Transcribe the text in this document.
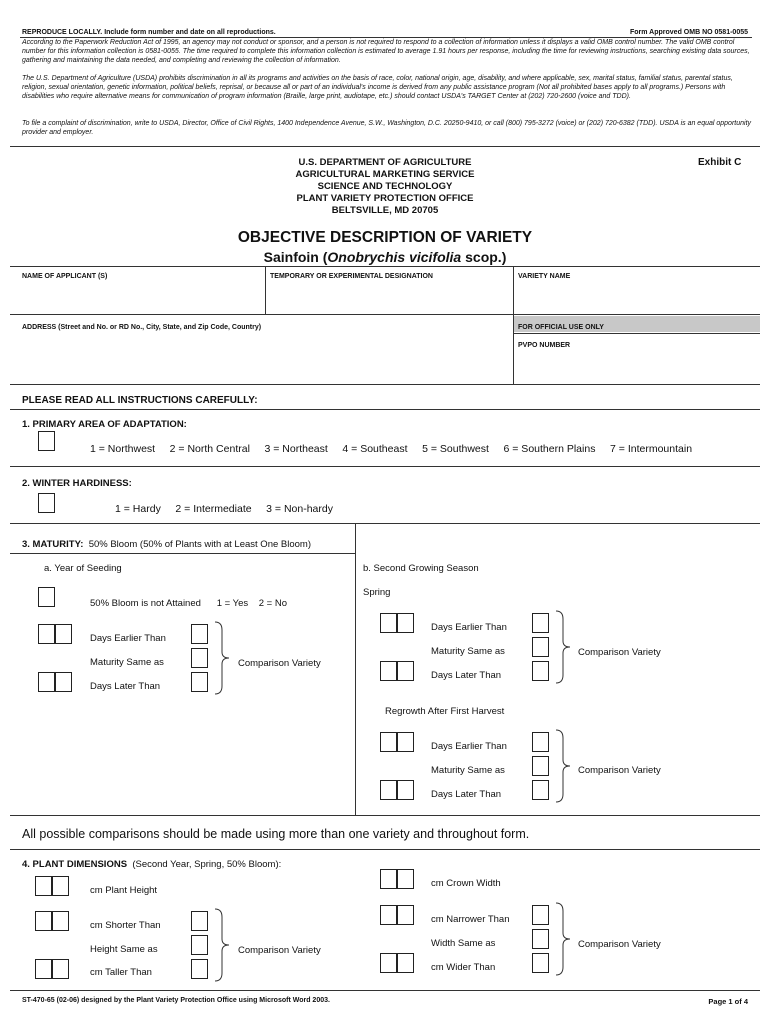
REPRODUCE LOCALLY. Include form number and date on all reproductions.	Form Approved OMB NO 0581-0055
According to the Paperwork Reduction Act of 1995, an agency may not conduct or sponsor, and a person is not required to respond to a collection of information unless it displays a valid OMB control number. The valid OMB control number for this information collection is 0581-0055. The time required to complete this information collection is estimated to average 1.91 hours per response, including the time for reviewing instructions, searching existing data sources, gathering and maintaining the data needed, and completing and reviewing the collection of information.
The U.S. Department of Agriculture (USDA) prohibits discrimination in all its programs and activities on the basis of race, color, national origin, age, disability, and where applicable, sex, marital status, familial status, parental status, religion, sexual orientation, genetic information, political beliefs, reprisal, or because all or part of an individual's income is derived from any public assistance program (Not all prohibited bases apply to all programs.) Persons with disabilities who require alternative means for communication of program information (Braille, large print, audiotape, etc.) should contact USDA's TARGET Center at (202) 720-2600 (voice and TDD).
To file a complaint of discrimination, write to USDA, Director, Office of Civil Rights, 1400 Independence Avenue, S.W., Washington, D.C. 20250-9410, or call (800) 795-3272 (voice) or (202) 720-6382 (TDD). USDA is an equal opportunity provider and employer.
U.S. DEPARTMENT OF AGRICULTURE
AGRICULTURAL MARKETING SERVICE
SCIENCE AND TECHNOLOGY
PLANT VARIETY PROTECTION OFFICE
BELTSVILLE, MD 20705
Exhibit C
OBJECTIVE DESCRIPTION OF VARIETY
Sainfoin (Onobrychis vicifolia scop.)
NAME OF APPLICANT (S)	TEMPORARY OR EXPERIMENTAL DESIGNATION	VARIETY NAME
ADDRESS (Street and No. or RD No., City, State, and Zip Code, Country)	FOR OFFICIAL USE ONLY
PVPO NUMBER
PLEASE READ ALL INSTRUCTIONS CAREFULLY:
1. PRIMARY AREA OF ADAPTATION:
1 = Northwest     2 = North Central     3 = Northeast     4 = Southeast     5 = Southwest     6 = Southern Plains     7 = Intermountain
2. WINTER HARDINESS:
1 = Hardy     2 = Intermediate     3 = Non-hardy
3. MATURITY: 50% Bloom (50% of Plants with at Least One Bloom)
a. Year of Seeding
50% Bloom is not Attained      1 = Yes    2 = No
Days Earlier Than
Maturity Same as
Days Later Than
Comparison Variety
b. Second Growing Season
Spring
Days Earlier Than
Maturity Same as
Days Later Than
Comparison Variety
Regrowth After First Harvest
Days Earlier Than
Maturity Same as
Days Later Than
Comparison Variety
All possible comparisons should be made using more than one variety and throughout form.
4. PLANT DIMENSIONS (Second Year, Spring, 50% Bloom):
cm Plant Height
cm Shorter Than
Height Same as
cm Taller Than
Comparison Variety
cm Crown Width
cm Narrower Than
Width Same as
cm Wider Than
Comparison Variety
ST-470-65 (02-06) designed by the Plant Variety Protection Office using Microsoft Word 2003.	Page 1 of 4
